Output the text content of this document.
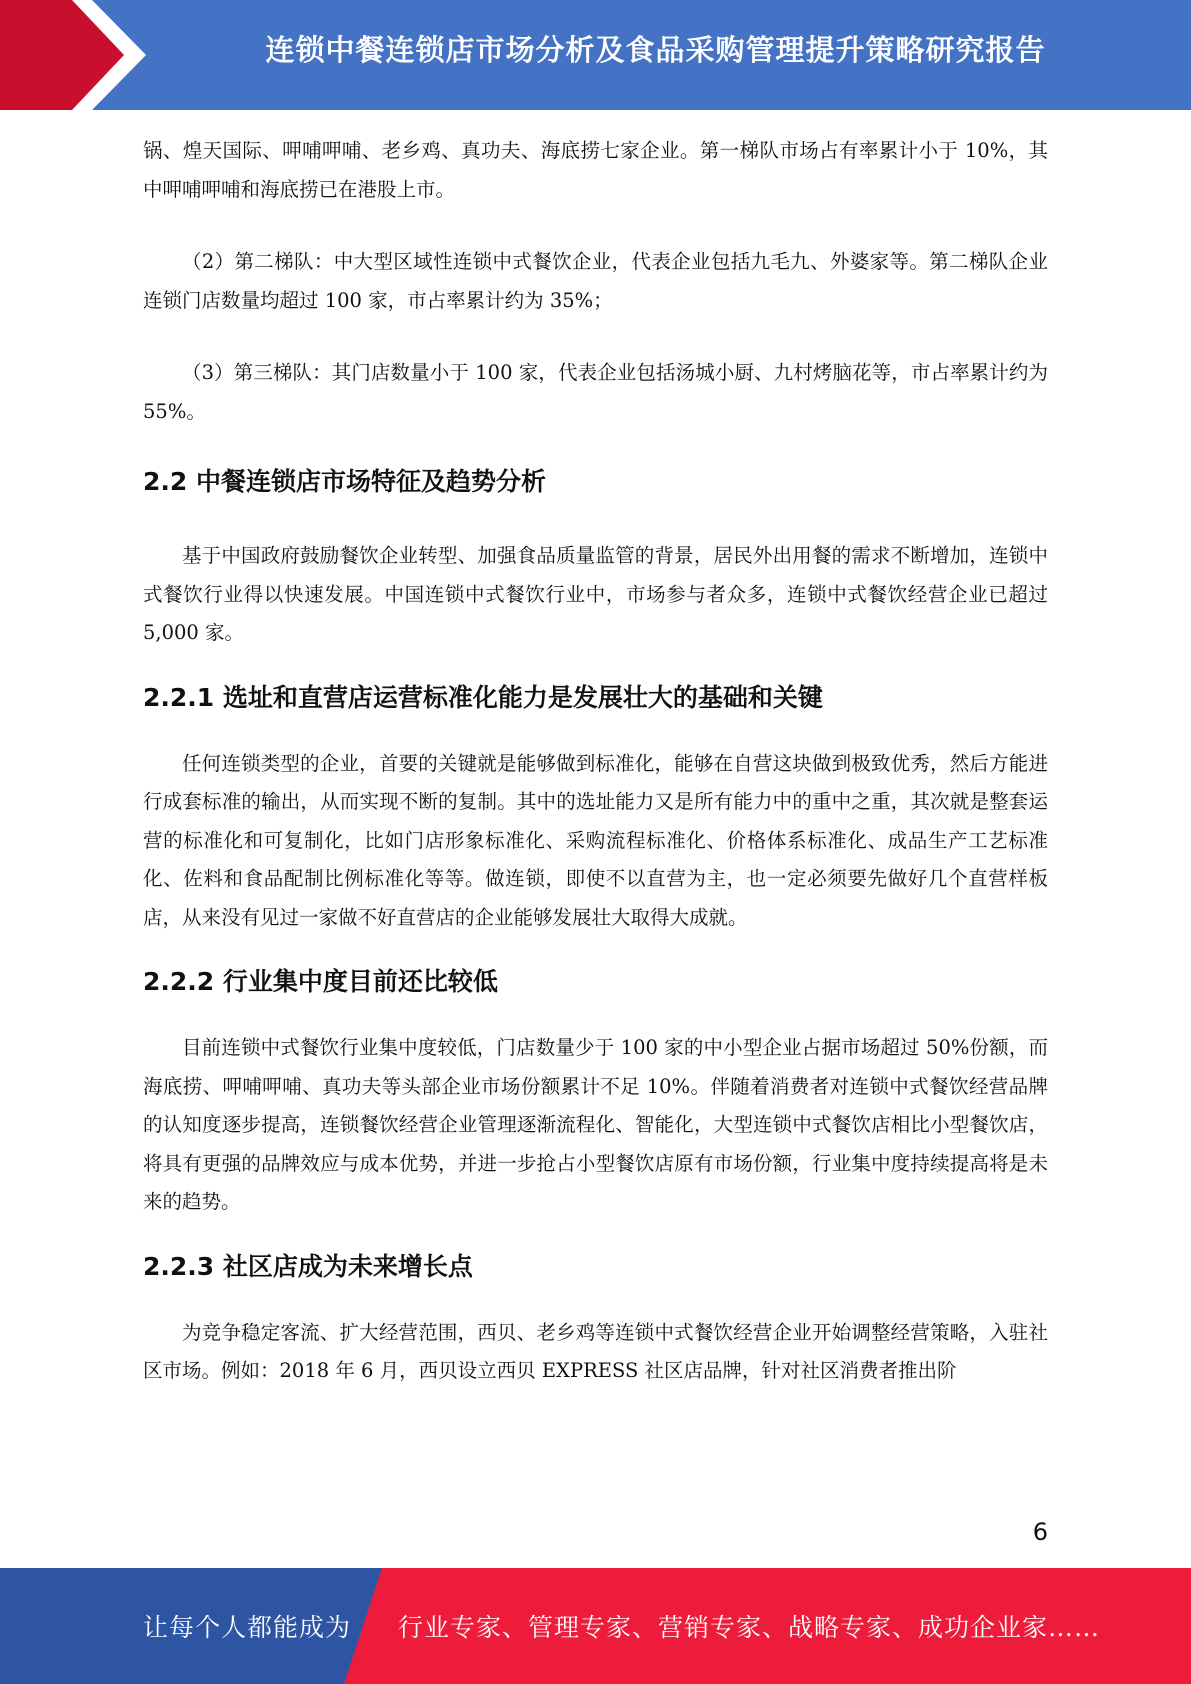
连锁中餐连锁店市场分析及食品采购管理提升策略研究报告

锅、煌天国际、呷哺呷哺、老乡鸡、真功夫、海底捞七家企业。第一梯队市场占有率累计小于 10%，其中呷哺呷哺和海底捞已在港股上市。

（2）第二梯队：中大型区域性连锁中式餐饮企业，代表企业包括九毛九、外婆家等。第二梯队企业连锁门店数量均超过 100 家，市占率累计约为 35%；

（3）第三梯队：其门店数量小于 100 家，代表企业包括汤城小厨、九村烤脑花等，市占率累计约为 55%。

2.2 中餐连锁店市场特征及趋势分析

基于中国政府鼓励餐饮企业转型、加强食品质量监管的背景，居民外出用餐的需求不断增加，连锁中式餐饮行业得以快速发展。中国连锁中式餐饮行业中，市场参与者众多，连锁中式餐饮经营企业已超过 5,000 家。

2.2.1 选址和直营店运营标准化能力是发展壮大的基础和关键

任何连锁类型的企业，首要的关键就是能够做到标准化，能够在自营这块做到极致优秀，然后方能进行成套标准的输出，从而实现不断的复制。其中的选址能力又是所有能力中的重中之重，其次就是整套运营的标准化和可复制化，比如门店形象标准化、采购流程标准化、价格体系标准化、成品生产工艺标准化、佐料和食品配制比例标准化等等。做连锁，即使不以直营为主，也一定必须要先做好几个直营样板店，从来没有见过一家做不好直营店的企业能够发展壮大取得大成就。

2.2.2 行业集中度目前还比较低

目前连锁中式餐饮行业集中度较低，门店数量少于 100 家的中小型企业占据市场超过 50%份额，而海底捞、呷哺呷哺、真功夫等头部企业市场份额累计不足 10%。伴随着消费者对连锁中式餐饮经营品牌的认知度逐步提高，连锁餐饮经营企业管理逐渐流程化、智能化，大型连锁中式餐饮店相比小型餐饮店，将具有更强的品牌效应与成本优势，并进一步抢占小型餐饮店原有市场份额，行业集中度持续提高将是未来的趋势。

2.2.3 社区店成为未来增长点

为竞争稳定客流、扩大经营范围，西贝、老乡鸡等连锁中式餐饮经营企业开始调整经营策略，入驻社区市场。例如：2018 年 6 月，西贝设立西贝 EXPRESS 社区店品牌，针对社区消费者推出阶

6
让每个人都能成为 行业专家、管理专家、营销专家、战略专家、成功企业家……
